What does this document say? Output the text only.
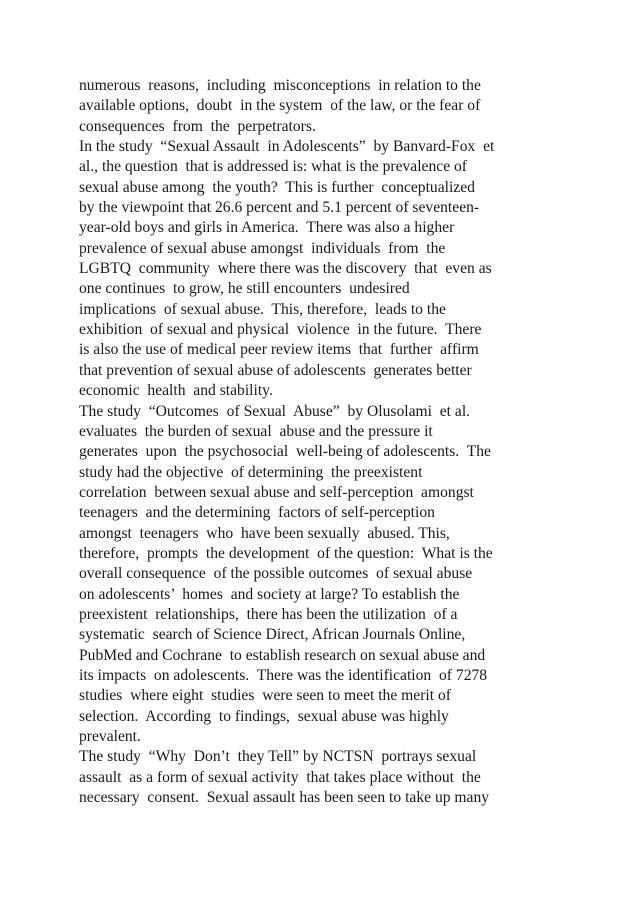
numerous  reasons,  including  misconceptions  in relation to the
available options,  doubt  in the system  of the law, or the fear of
consequences  from  the  perpetrators.
In the study  “Sexual Assault  in Adolescents”  by Banvard-Fox  et
al., the question  that is addressed is: what is the prevalence of
sexual abuse among  the youth?  This is further  conceptualized
by the viewpoint that 26.6 percent and 5.1 percent of seventeen-
year-old boys and girls in America.  There was also a higher
prevalence of sexual abuse amongst  individuals  from  the
LGBTQ  community  where there was the discovery  that  even as
one continues  to grow, he still encounters  undesired
implications  of sexual abuse.  This, therefore,  leads to the
exhibition  of sexual and physical  violence  in the future.  There
is also the use of medical peer review items  that  further  affirm
that prevention of sexual abuse of adolescents  generates better
economic  health  and stability.
The study  “Outcomes  of Sexual  Abuse”  by Olusolami  et al.
evaluates  the burden of sexual  abuse and the pressure it
generates  upon  the psychosocial  well-being of adolescents.  The
study had the objective  of determining  the preexistent
correlation  between sexual abuse and self-perception  amongst
teenagers  and the determining  factors of self-perception
amongst  teenagers  who  have been sexually  abused. This,
therefore,  prompts  the development  of the question:  What is the
overall consequence  of the possible outcomes  of sexual abuse
on adolescents’  homes  and society at large? To establish the
preexistent  relationships,  there has been the utilization  of a
systematic  search of Science Direct, African Journals Online,
PubMed and Cochrane  to establish research on sexual abuse and
its impacts  on adolescents.  There was the identification  of 7278
studies  where eight  studies  were seen to meet the merit of
selection.  According  to findings,  sexual abuse was highly
prevalent.
The study  “Why  Don’t  they Tell” by NCTSN  portrays sexual
assault  as a form of sexual activity  that takes place without  the
necessary  consent.  Sexual assault has been seen to take up many
